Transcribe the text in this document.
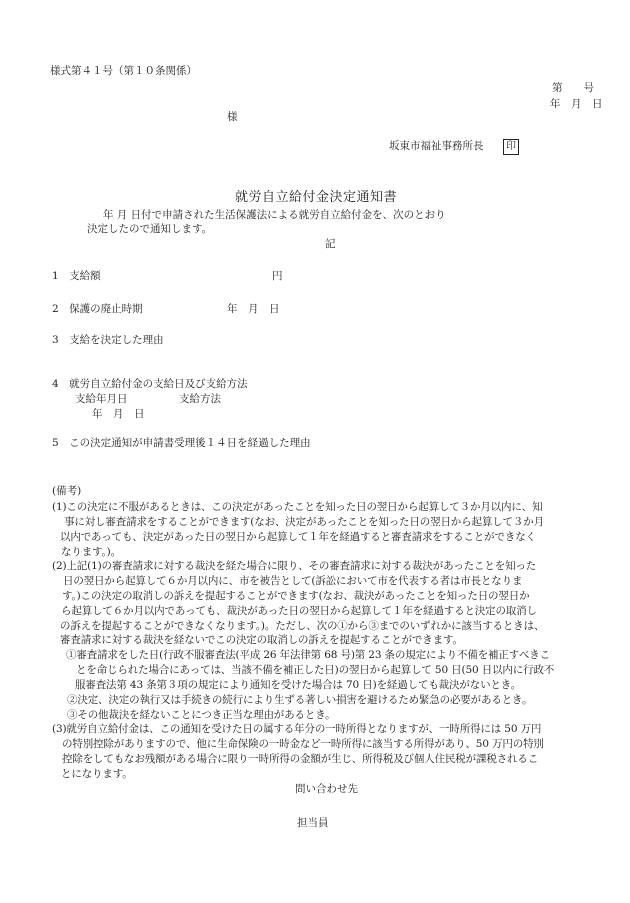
様式第４１号（第１０条関係）
第　　号
年　月　日
様
坂東市福祉事務所長	印
就労自立給付金決定通知書
年 月 日付で申請された生活保護法による就労自立給付金を、次のとおり
決定したので通知します。
記
1　支給額	円
2　保護の廃止時期	年　月　日
3　支給を決定した理由
4　就労自立給付金の支給日及び支給方法
支給年月日	支給方法
年　月　日
5　この決定通知が申請書受理後１４日を経過した理由
(備考)
(1)この決定に不服があるときは、この決定があったことを知った日の翌日から起算して３か月以内に、知
事に対し審査請求をすることができます(なお、決定があったことを知った日の翌日から起算して３か月
以内であっても、決定があった日の翌日から起算して１年を経過すると審査請求をすることができなく
なります。)。
(2)上記(1)の審査請求に対する裁決を経た場合に限り、その審査請求に対する裁決があったことを知った
日の翌日から起算して６か月以内に、市を被告として(訴訟において市を代表する者は市長となりま
す。)この決定の取消しの訴えを提起することができます(なお、裁決があったことを知った日の翌日か
ら起算して６か月以内であっても、裁決があった日の翌日から起算して１年を経過すると決定の取消し
の訴えを提起することができなくなります。)。ただし、次の①から③までのいずれかに該当するときは、
審査請求に対する裁決を経ないでこの決定の取消しの訴えを提起することができます。
①審査請求をした日(行政不服審査法(平成 26 年法律第 68 号)第 23 条の規定により不備を補正すべきこ
とを命じられた場合にあっては、当該不備を補正した日)の翌日から起算して 50 日(50 日以内に行政不
服審査法第 43 条第３項の規定により通知を受けた場合は 70 日)を経過しても裁決がないとき。
②決定、決定の執行又は手続きの続行により生ずる著しい損害を避けるため緊急の必要があるとき。
③その他裁決を経ないことにつき正当な理由があるとき。
(3)就労自立給付金は、この通知を受けた日の属する年分の一時所得となりますが、一時所得には 50 万円
の特別控除がありますので、他に生命保険の一時金など一時所得に該当する所得があり、50 万円の特別
控除をしてもなお残額がある場合に限り一時所得の金額が生じ、所得税及び個人住民税が課税されるこ
とになります。
問い合わせ先
担当員
